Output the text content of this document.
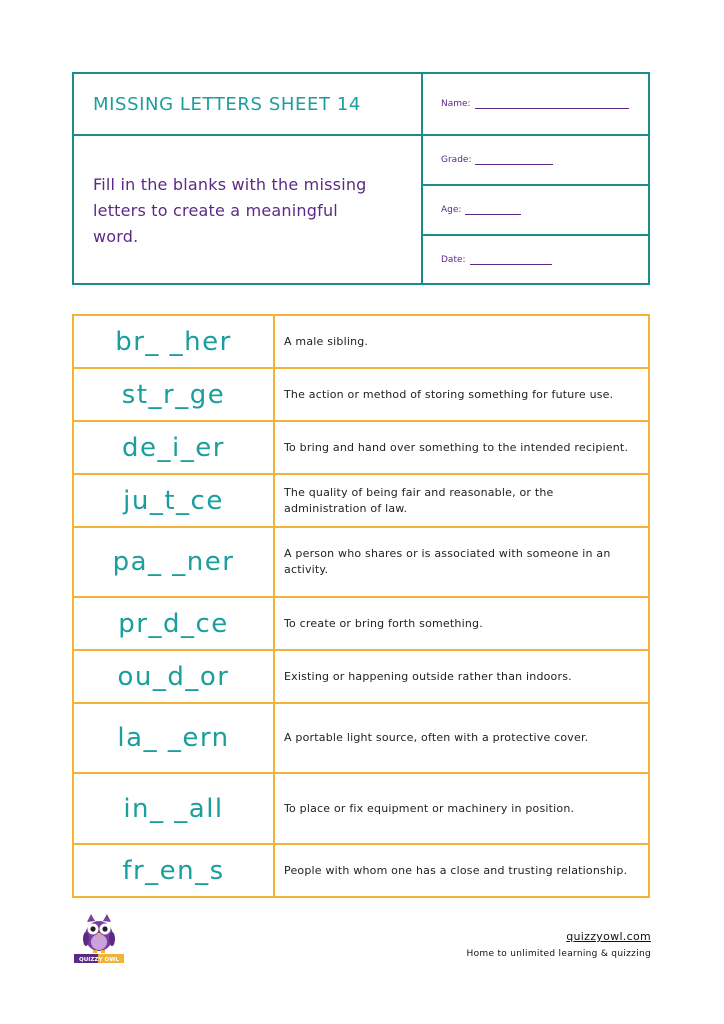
MISSING LETTERS SHEET 14
Fill in the blanks with the missing letters to create a meaningful word.
Name:
Grade:
Age:
Date:
br_ _her	A male sibling.
st_r_ge	The action or method of storing something for future use.
de_i_er	To bring and hand over something to the intended recipient.
ju_t_ce	The quality of being fair and reasonable, or the administration of law.
pa_ _ner	A person who shares or is associated with someone in an activity.
pr_d_ce	To create or bring forth something.
ou_d_or	Existing or happening outside rather than indoors.
la_ _ern	A portable light source, often with a protective cover.
in_ _all	To place or fix equipment or machinery in position.
fr_en_s	People with whom one has a close and trusting relationship.
QUIZZY OWL
quizzyowl.com
Home to unlimited learning & quizzing
